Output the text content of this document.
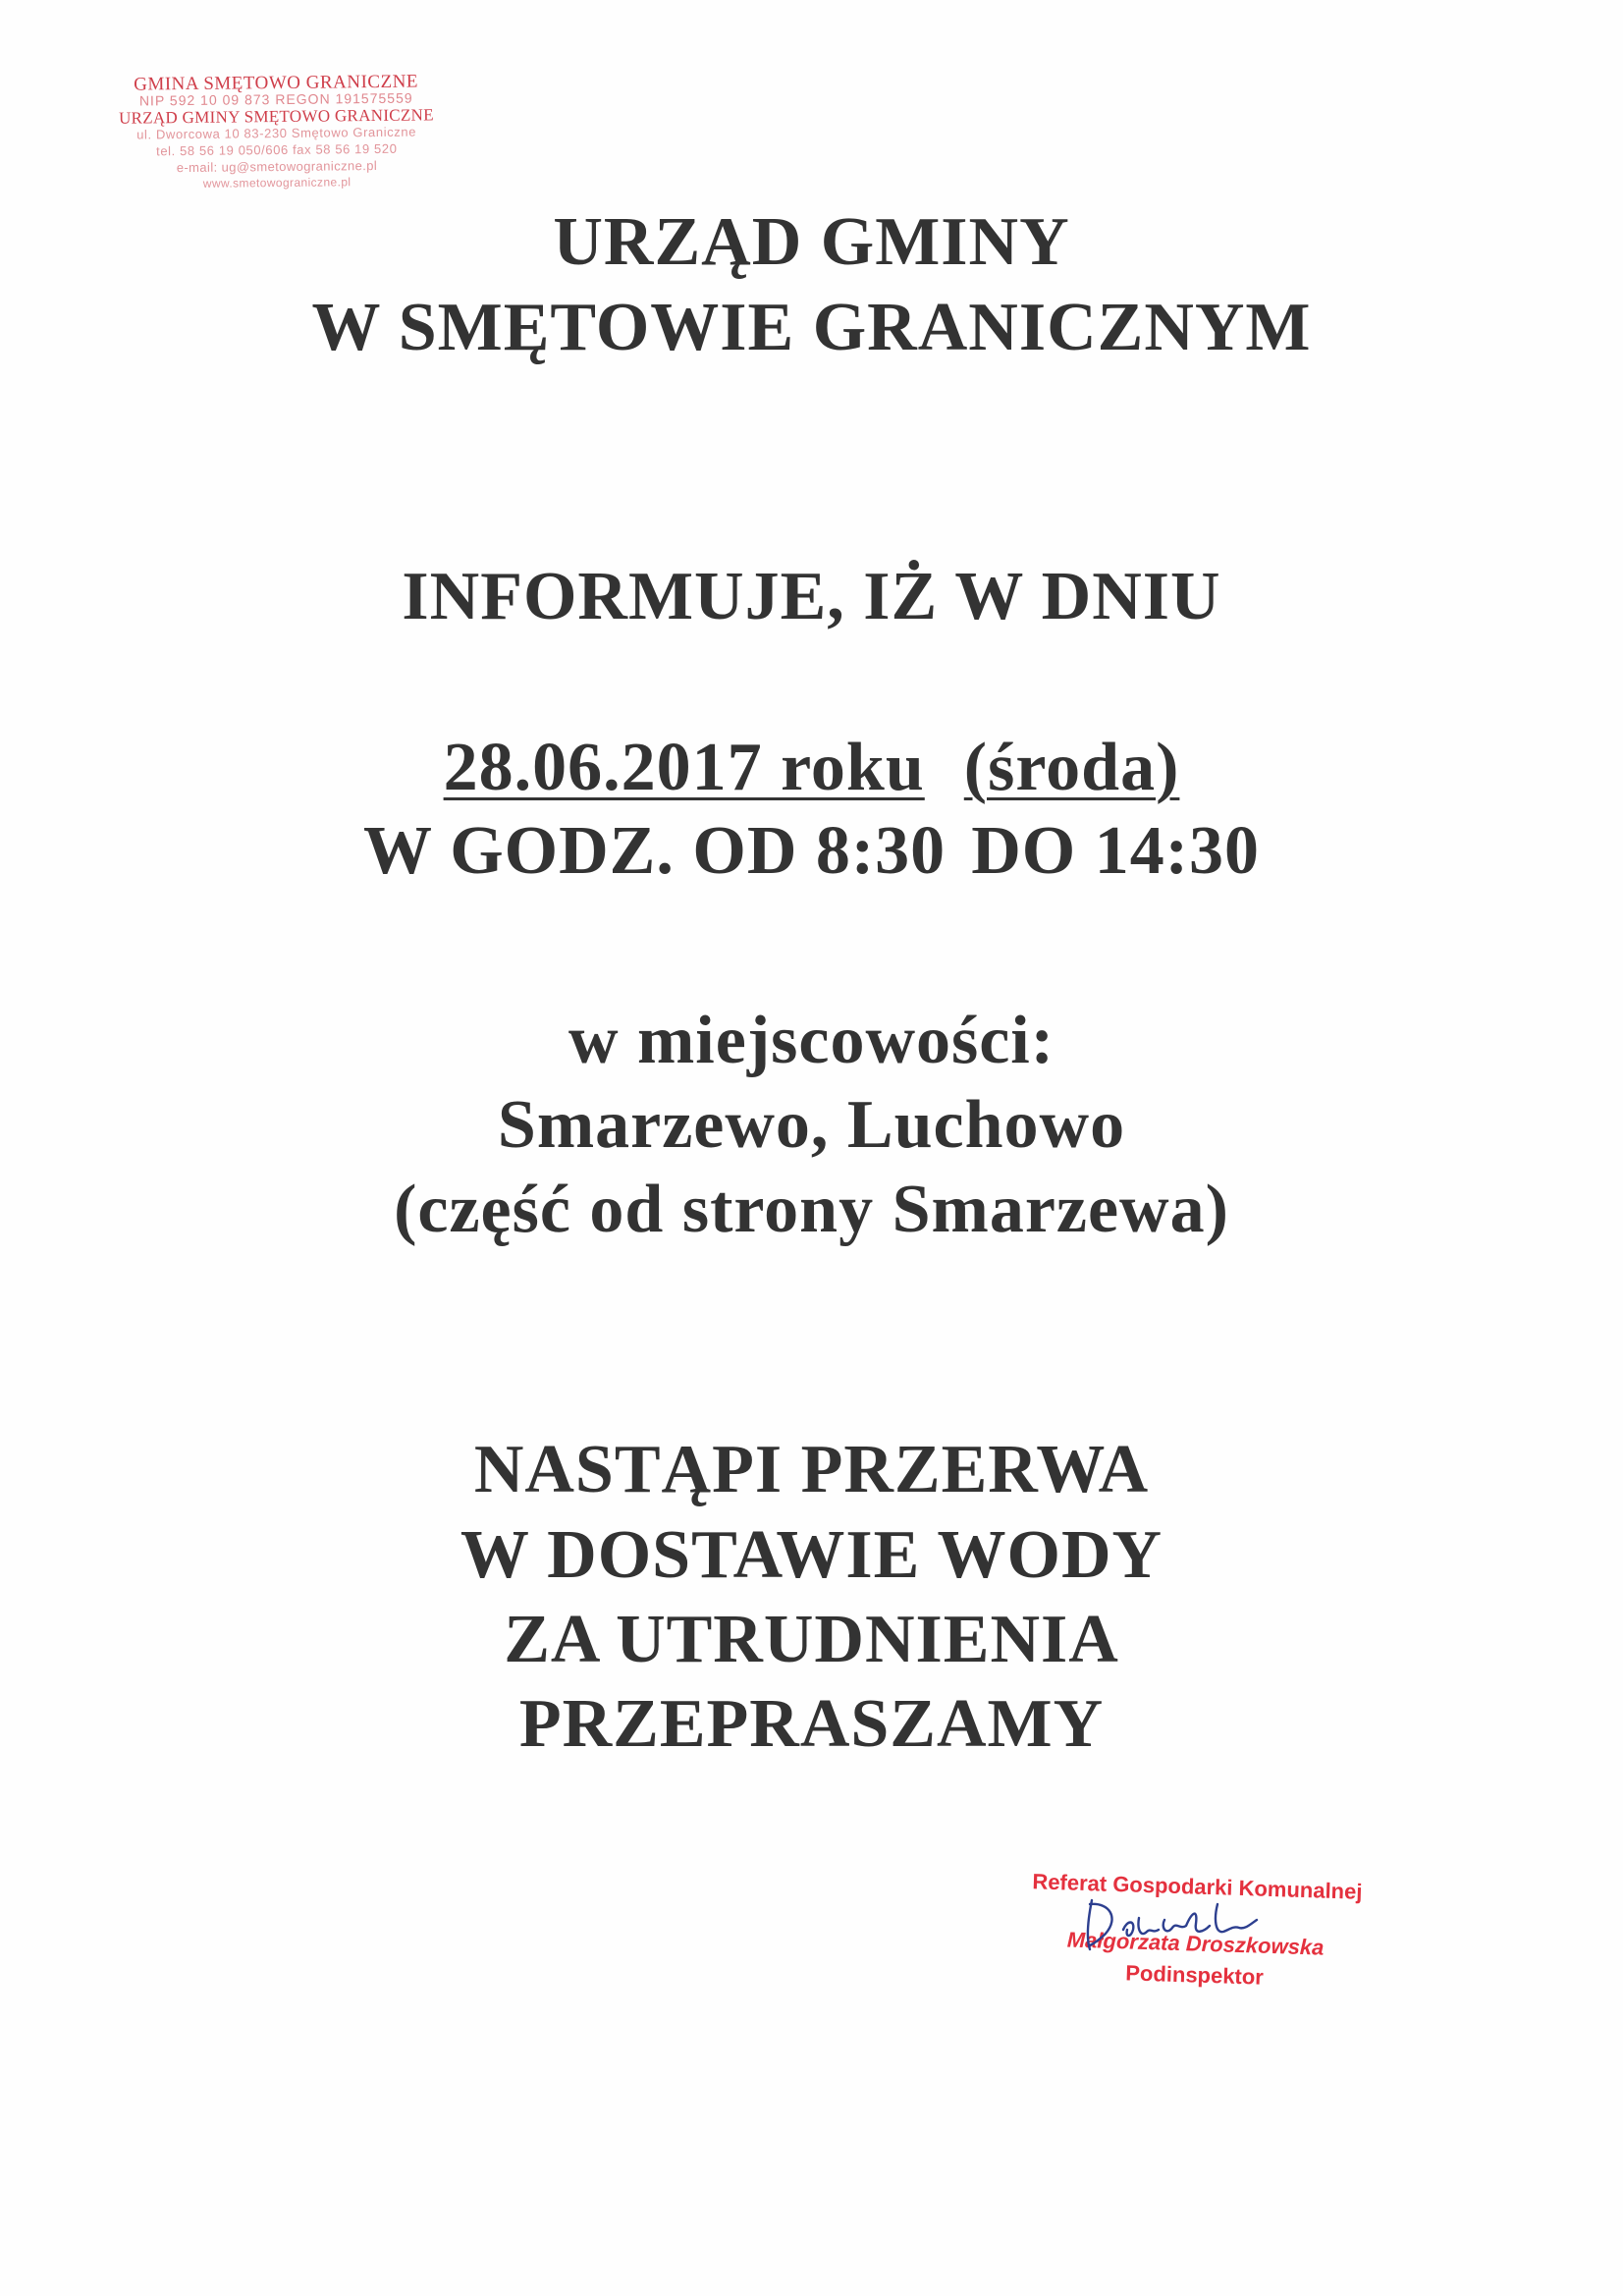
GMINA SMĘTOWO GRANICZNE
NIP 592 10 09 873 REGON 191575559
URZĄD GMINY SMĘTOWO GRANICZNE
ul. Dworcowa 10 83-230 Smętowo Graniczne
tel. 58 56 19 050/606 fax 58 56 19 520
e-mail: ug@smetowograniczne.pl
www.smetowograniczne.pl
URZĄD GMINY
W SMĘTOWIE GRANICZNYM
INFORMUJE, IŻ W DNIU
28.06.2017 roku (środa)
W GODZ. OD 8:30 DO 14:30
w miejscowości:
Smarzewo, Luchowo
(część od strony Smarzewa)
NASTĄPI PRZERWA
W DOSTAWIE WODY
ZA UTRUDNIENIA
PRZEPRASZAMY
Referat Gospodarki Komunalnej
Małgorzata Droszkowska
Podinspektor
